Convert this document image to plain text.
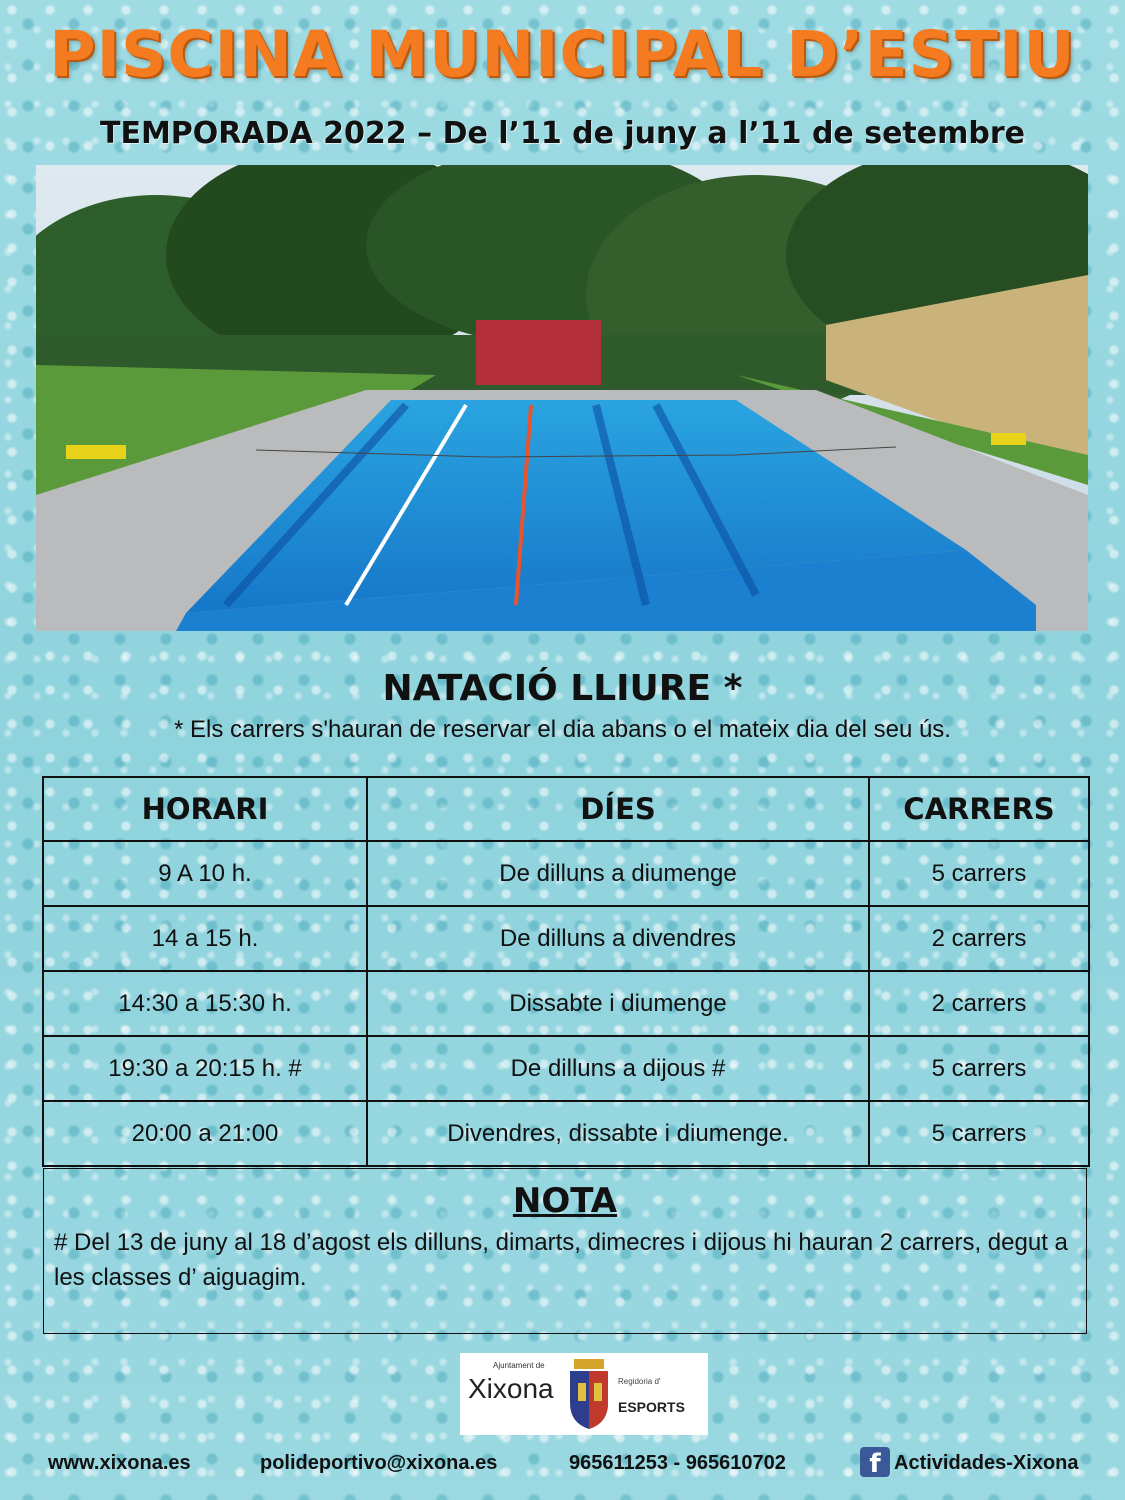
PISCINA MUNICIPAL D’ESTIU
TEMPORADA 2022 – De l’11 de juny a l’11 de setembre
NATACIÓ LLIURE *
* Els carrers s'hauran de reservar el dia abans o el mateix dia del seu ús.
HORARI	DÍES	CARRERS
9 A 10 h.	De dilluns a diumenge	5 carrers
14 a 15 h.	De dilluns a divendres	2 carrers
14:30 a 15:30 h.	Dissabte i diumenge	2 carrers
19:30 a 20:15 h. #	De dilluns a dijous #	5 carrers
20:00 a 21:00	Divendres, dissabte i diumenge.	5 carrers
NOTA
# Del 13 de juny al 18 d’agost els dilluns, dimarts, dimecres i dijous hi hauran 2 carrers, degut a les classes d’ aiguagim.
Ajuntament de
Xixona	Regidoria d'
ESPORTS
www.xixona.es	polideportivo@xixona.es	965611253 - 965610702	f Actividades-Xixona
